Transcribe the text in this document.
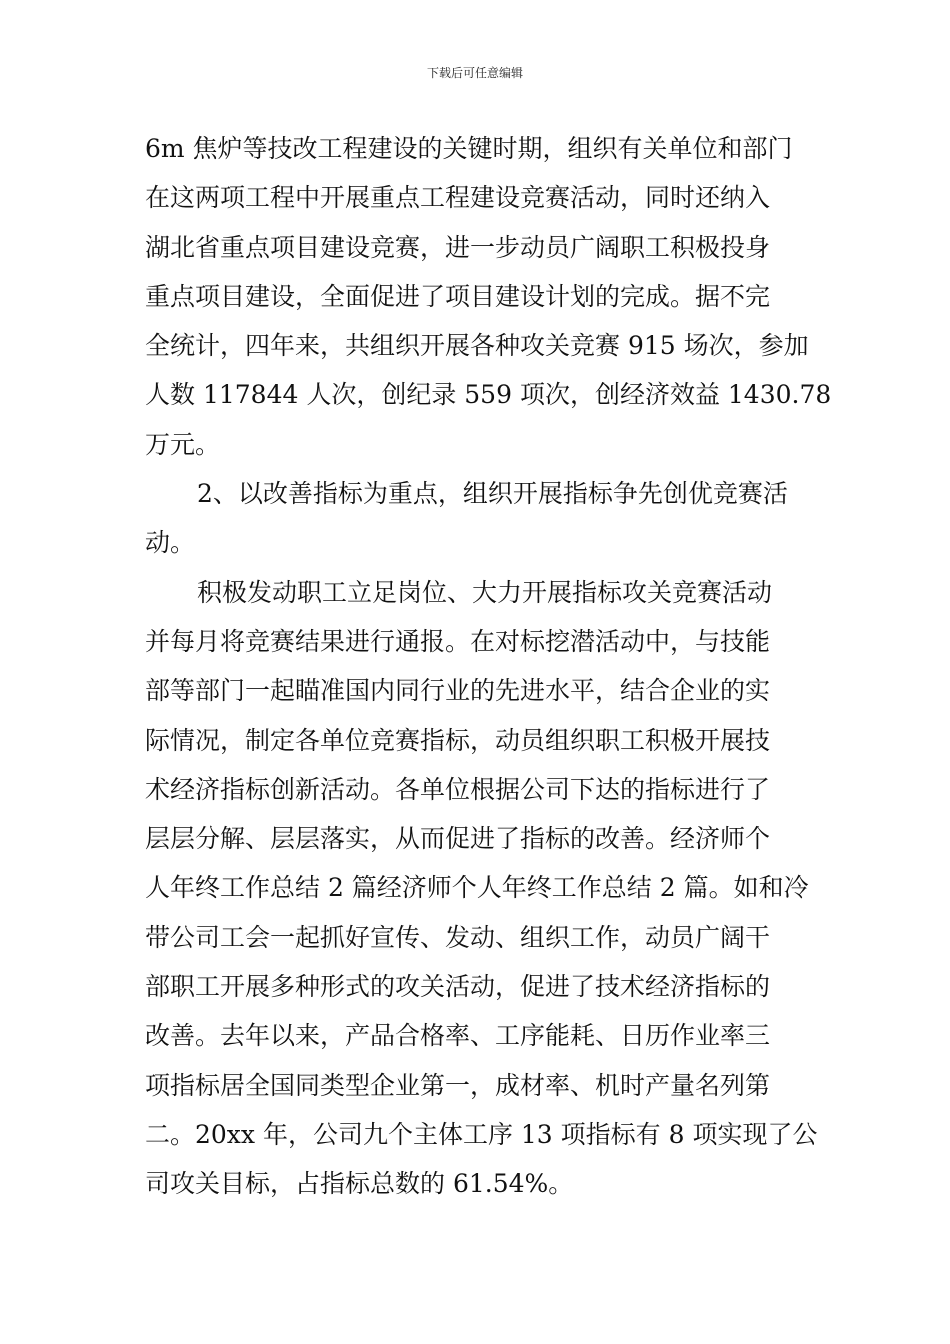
下载后可任意编辑
6m 焦炉等技改工程建设的关键时期，组织有关单位和部门
在这两项工程中开展重点工程建设竞赛活动，同时还纳入
湖北省重点项目建设竞赛，进一步动员广阔职工积极投身
重点项目建设，全面促进了项目建设计划的完成。据不完
全统计，四年来，共组织开展各种攻关竞赛 915 场次，参加
人数 117844 人次，创纪录 559 项次，创经济效益 1430.78
万元。
2、以改善指标为重点，组织开展指标争先创优竞赛活
动。
积极发动职工立足岗位、大力开展指标攻关竞赛活动
并每月将竞赛结果进行通报。在对标挖潜活动中，与技能
部等部门一起瞄准国内同行业的先进水平，结合企业的实
际情况，制定各单位竞赛指标，动员组织职工积极开展技
术经济指标创新活动。各单位根据公司下达的指标进行了
层层分解、层层落实，从而促进了指标的改善。经济师个
人年终工作总结 2 篇经济师个人年终工作总结 2 篇。如和冷
带公司工会一起抓好宣传、发动、组织工作，动员广阔干
部职工开展多种形式的攻关活动，促进了技术经济指标的
改善。去年以来，产品合格率、工序能耗、日历作业率三
项指标居全国同类型企业第一，成材率、机时产量名列第
二。20xx 年，公司九个主体工序 13 项指标有 8 项实现了公
司攻关目标，占指标总数的 61.54%。
